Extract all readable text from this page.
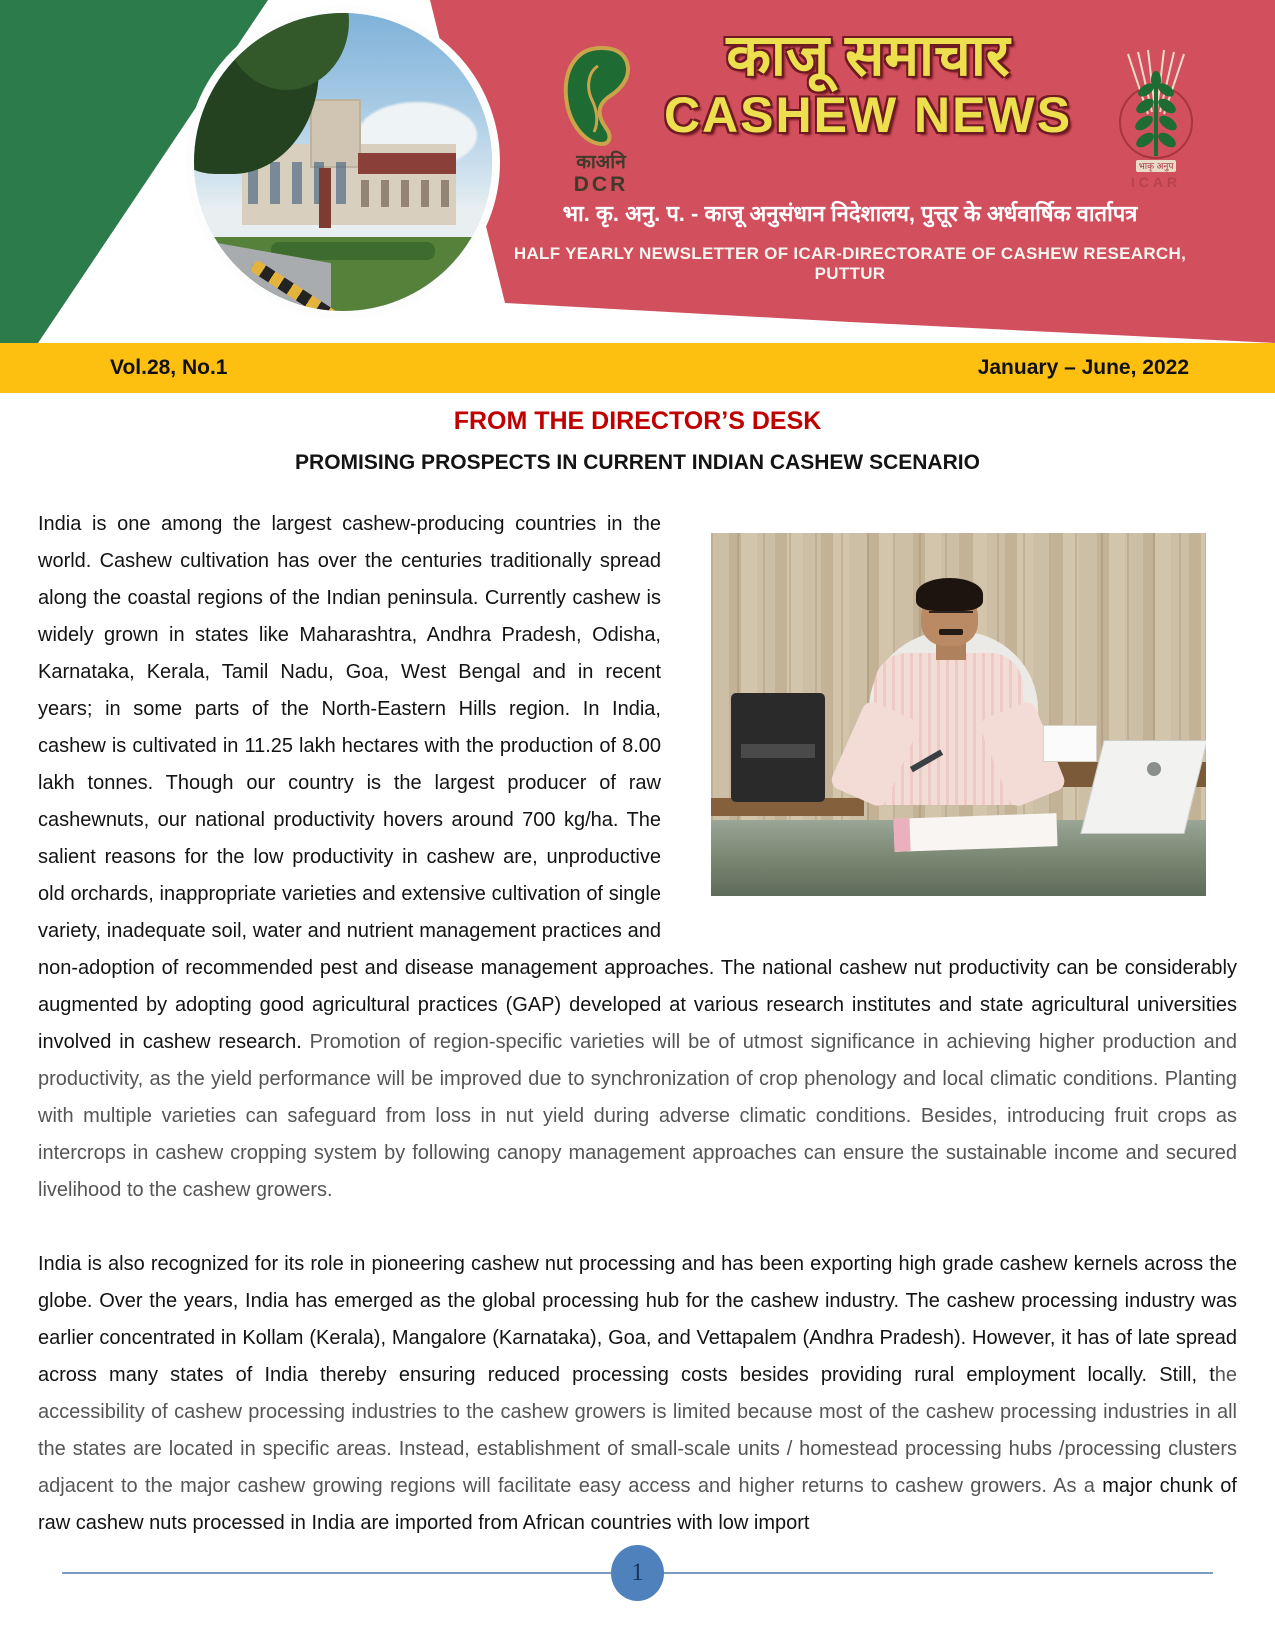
काअनि
DCR
काजू समाचार
CASHEW NEWS
भाकृ अनुप
ICAR
भा. कृ. अनु. प. - काजू अनुसंधान निदेशालय, पुत्तूर के अर्धवार्षिक वार्तापत्र
HALF YEARLY NEWSLETTER OF ICAR-DIRECTORATE OF CASHEW RESEARCH, PUTTUR
Vol.28, No.1	January – June, 2022
FROM THE DIRECTOR’S DESK
PROMISING PROSPECTS IN CURRENT INDIAN CASHEW SCENARIO

India is one among the largest cashew-producing countries in the world. Cashew cultivation has over the centuries traditionally spread along the coastal regions of the Indian peninsula. Currently cashew is widely grown in states like Maharashtra, Andhra Pradesh, Odisha, Karnataka, Kerala, Tamil Nadu, Goa, West Bengal and in recent years; in some parts of the North-Eastern Hills region. In India, cashew is cultivated in 11.25 lakh hectares with the production of 8.00 lakh tonnes. Though our country is the largest producer of raw cashewnuts, our national productivity hovers around 700 kg/ha. The salient reasons for the low productivity in cashew are, unproductive old orchards, inappropriate varieties and extensive cultivation of single variety, inadequate soil, water and nutrient management practices and non-adoption of recommended pest and disease management approaches. The national cashew nut productivity can be considerably augmented by adopting good agricultural practices (GAP) developed at various research institutes and state agricultural universities involved in cashew research. Promotion of region-specific varieties will be of utmost significance in achieving higher production and productivity, as the yield performance will be improved due to synchronization of crop phenology and local climatic conditions. Planting with multiple varieties can safeguard from loss in nut yield during adverse climatic conditions. Besides, introducing fruit crops as intercrops in cashew cropping system by following canopy management approaches can ensure the sustainable income and secured livelihood to the cashew growers.

India is also recognized for its role in pioneering cashew nut processing and has been exporting high grade cashew kernels across the globe. Over the years, India has emerged as the global processing hub for the cashew industry. The cashew processing industry was earlier concentrated in Kollam (Kerala), Mangalore (Karnataka), Goa, and Vettapalem (Andhra Pradesh). However, it has of late spread across many states of India thereby ensuring reduced processing costs besides providing rural employment locally. Still, the accessibility of cashew processing industries to the cashew growers is limited because most of the cashew processing industries in all the states are located in specific areas. Instead, establishment of small-scale units / homestead processing hubs /processing clusters adjacent to the major cashew growing regions will facilitate easy access and higher returns to cashew growers. As a major chunk of raw cashew nuts processed in India are imported from African countries with low import

1
